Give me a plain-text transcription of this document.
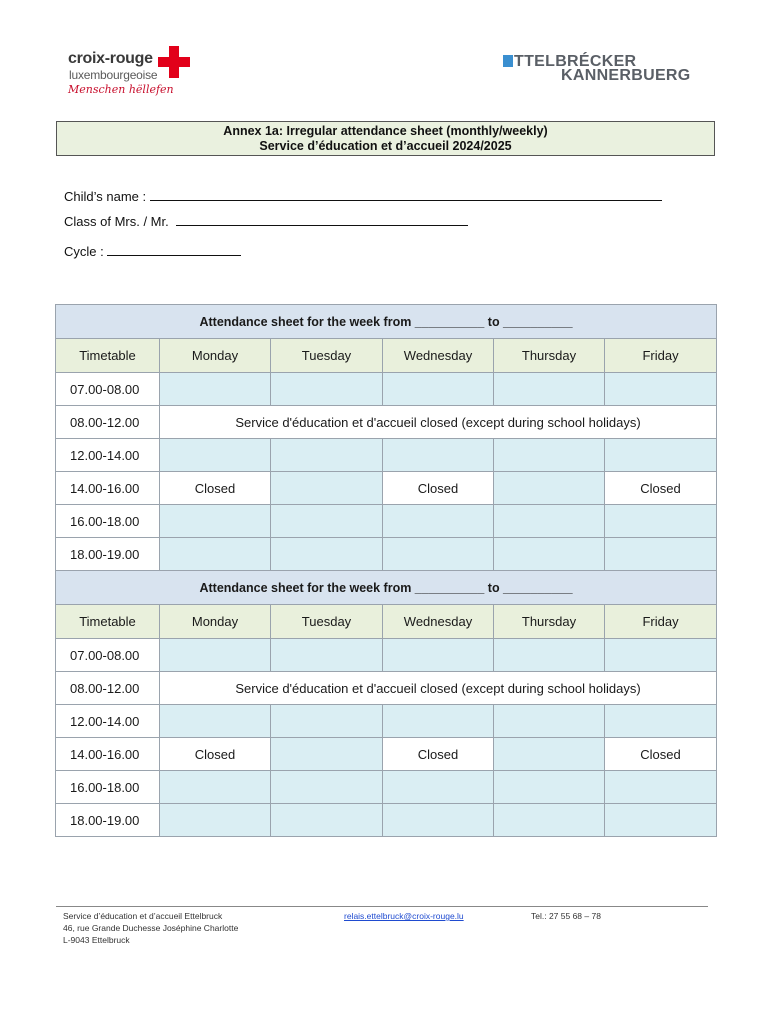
croix-rouge
luxembourgeoise
Menschen hëllefen
TTELBRÉCKER
KANNERBUERG
Annex 1a: Irregular attendance sheet (monthly/weekly)
Service d’éducation et d’accueil 2024/2025
Child’s name :
Class of Mrs. / Mr.
Cycle :
Attendance sheet for the week from __________ to __________					
Timetable	Monday	Tuesday	Wednesday	Thursday	Friday
07.00-08.00					
08.00-12.00	Service d'éducation et d'accueil closed (except during school holidays)				
12.00-14.00					
14.00-16.00	Closed		Closed		Closed
16.00-18.00					
18.00-19.00					
Attendance sheet for the week from __________ to __________					
Timetable	Monday	Tuesday	Wednesday	Thursday	Friday
07.00-08.00					
08.00-12.00	Service d'éducation et d'accueil closed (except during school holidays)				
12.00-14.00					
14.00-16.00	Closed		Closed		Closed
16.00-18.00					
18.00-19.00					
Service d’éducation et d’accueil Ettelbruck
46, rue Grande Duchesse Joséphine Charlotte
L-9043 Ettelbruck
relais.ettelbruck@croix-rouge.lu	Tel.: 27 55 68 – 78
